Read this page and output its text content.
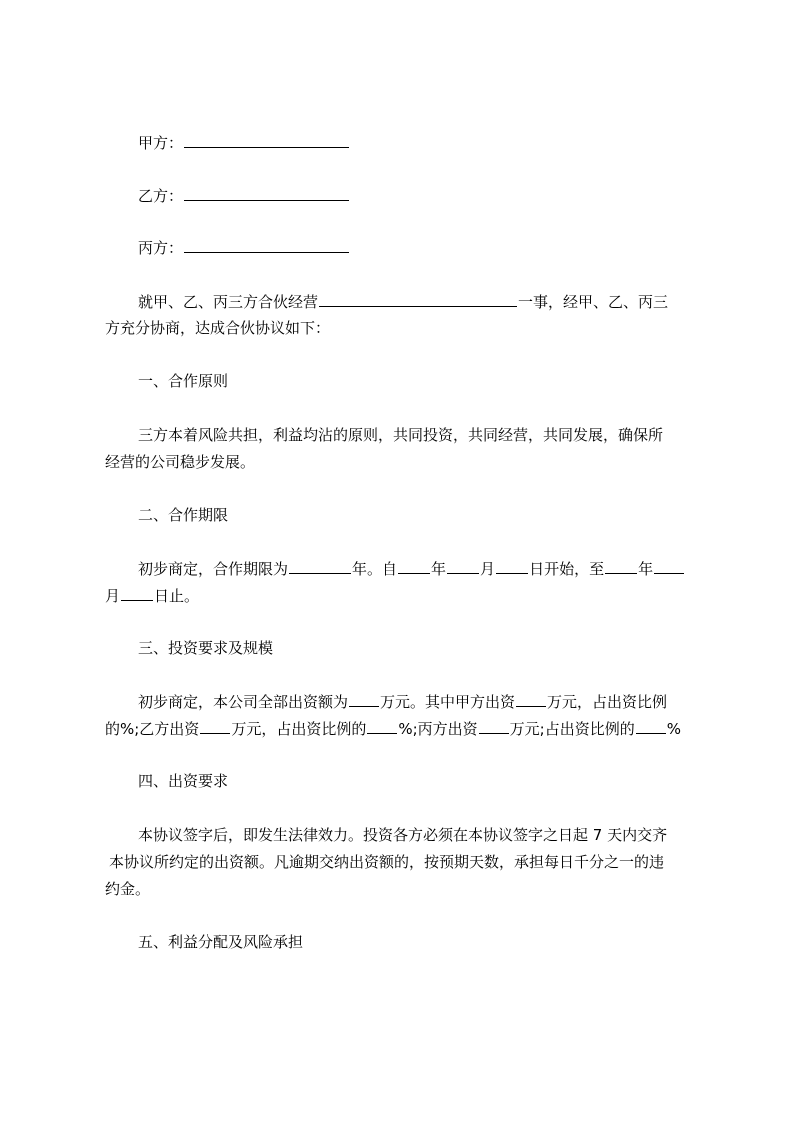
甲方：
乙方：
丙方：
就甲、乙、丙三方合伙经营	一事，经甲、乙、丙三
方充分协商，达成合伙协议如下：
一、合作原则
三方本着风险共担，利益均沾的原则，共同投资，共同经营，共同发展，确保所
经营的公司稳步发展。
二、合作期限
初步商定，合作期限为	年。自 年 月 日开始，至 年
月 日止。
三、投资要求及规模
初步商定，本公司全部出资额为 万元。其中甲方出资 万元，占出资比例
的%;乙方出资 万元，占出资比例的 %;丙方出资 万元;占出资比例的 %
四、出资要求
本协议签字后，即发生法律效力。投资各方必须在本协议签字之日起 7 天内交齐
本协议所约定的出资额。凡逾期交纳出资额的，按预期天数，承担每日千分之一的违
约金。
五、利益分配及风险承担
